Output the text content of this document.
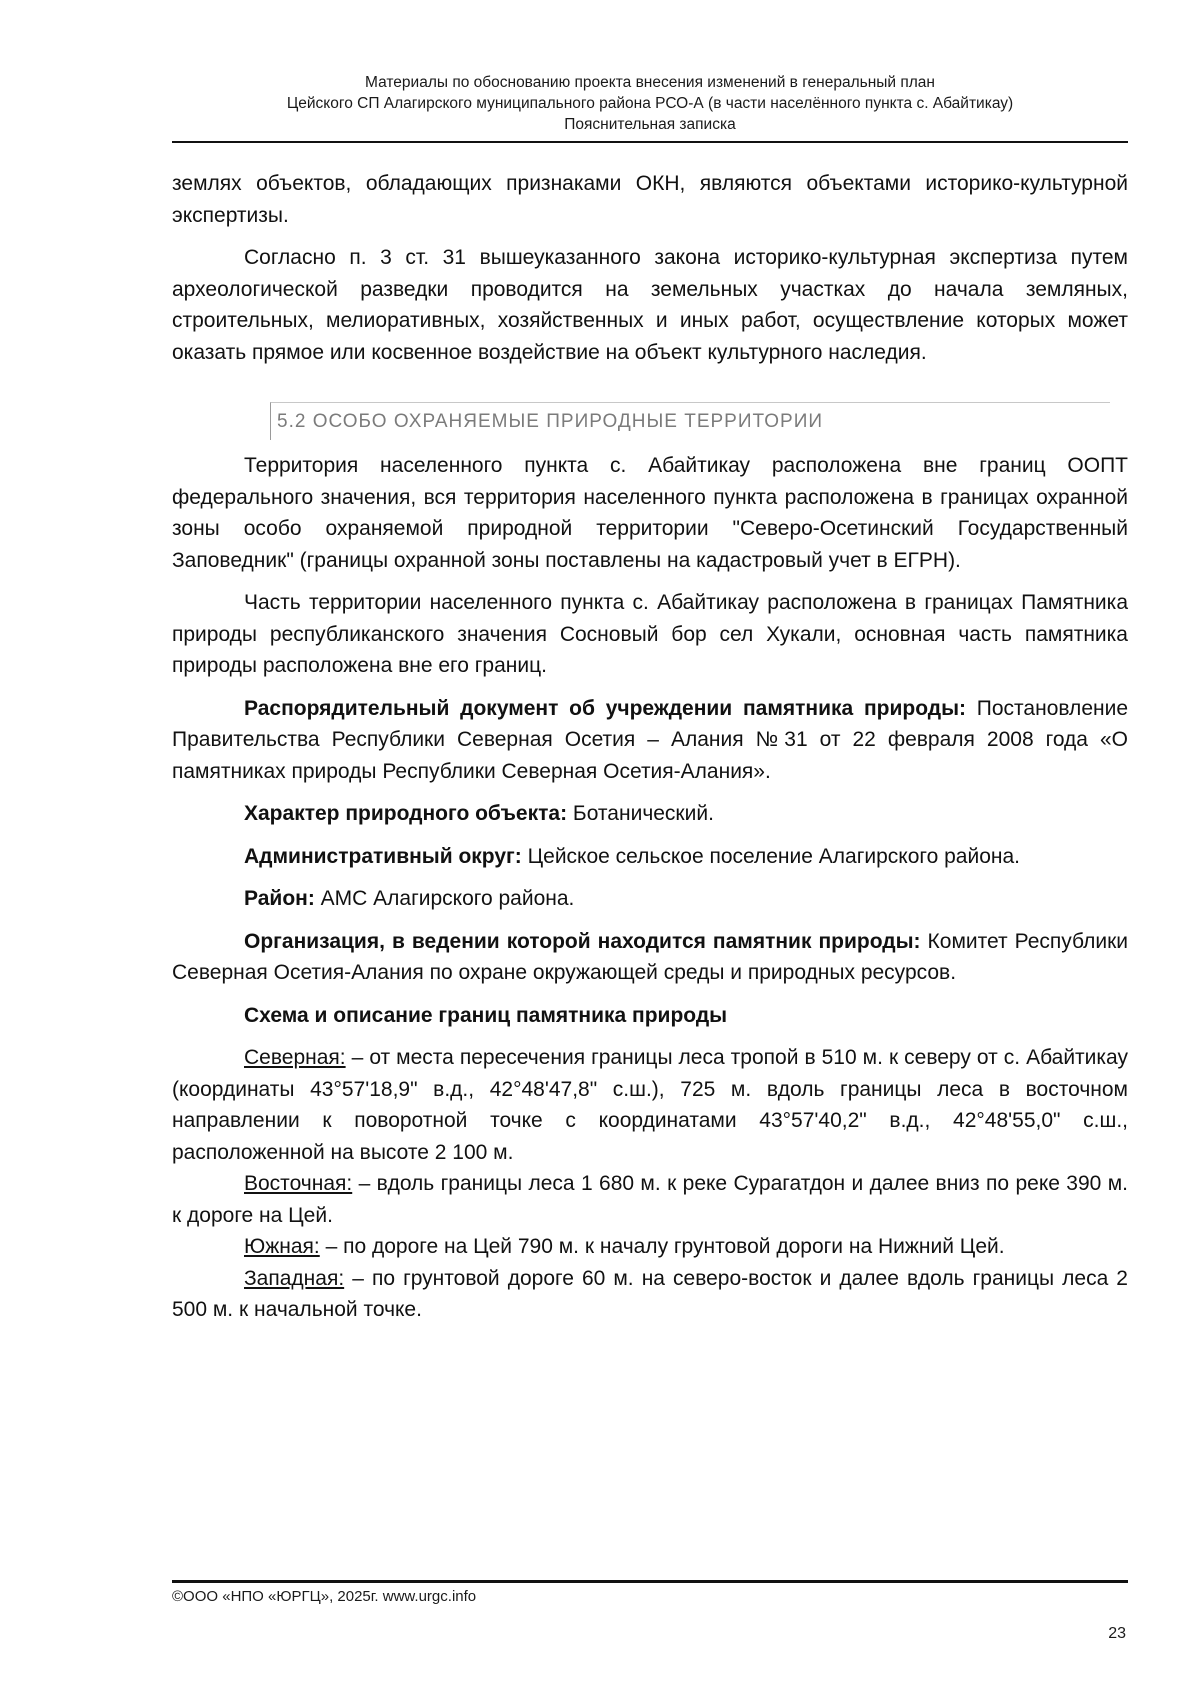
Материалы по обоснованию проекта внесения изменений в генеральный план
Цейского СП Алагирского муниципального района РСО-А (в части населённого пункта с. Абайтикау)
Пояснительная записка

землях объектов, обладающих признаками ОКН, являются объектами историко-культурной экспертизы.

Согласно п. 3 ст. 31 вышеуказанного закона историко-культурная экспертиза путем археологической разведки проводится на земельных участках до начала земляных, строительных, мелиоративных, хозяйственных и иных работ, осуществление которых может оказать прямое или косвенное воздействие на объект культурного наследия.

5.2 ОСОБО ОХРАНЯЕМЫЕ ПРИРОДНЫЕ ТЕРРИТОРИИ

Территория населенного пункта с. Абайтикау расположена вне границ ООПТ федерального значения, вся территория населенного пункта расположена в границах охранной зоны особо охраняемой природной территории "Северо-Осетинский Государственный Заповедник" (границы охранной зоны поставлены на кадастровый учет в ЕГРН).

Часть территории населенного пункта с. Абайтикау расположена в границах Памятника природы республиканского значения Сосновый бор сел Хукали, основная часть памятника природы расположена вне его границ.

Распорядительный документ об учреждении памятника природы: Постановление Правительства Республики Северная Осетия – Алания №31 от 22 февраля 2008 года «О памятниках природы Республики Северная Осетия-Алания».

Характер природного объекта: Ботанический.

Административный округ: Цейское сельское поселение Алагирского района.

Район: АМС Алагирского района.

Организация, в ведении которой находится памятник природы: Комитет Республики Северная Осетия-Алания по охране окружающей среды и природных ресурсов.

Схема и описание границ памятника природы

Северная: – от места пересечения границы леса тропой в 510 м. к северу от с. Абайтикау (координаты 43°57'18,9" в.д., 42°48'47,8" с.ш.), 725 м. вдоль границы леса в восточном направлении к поворотной точке с координатами 43°57'40,2" в.д., 42°48'55,0" с.ш., расположенной на высоте 2 100 м.

Восточная: – вдоль границы леса 1 680 м. к реке Сурагатдон и далее вниз по реке 390 м. к дороге на Цей.

Южная: – по дороге на Цей 790 м. к началу грунтовой дороги на Нижний Цей.

Западная: – по грунтовой дороге 60 м. на северо-восток и далее вдоль границы леса 2 500 м. к начальной точке.

©ООО «НПО «ЮРГЦ», 2025г. www.urgc.info
23
